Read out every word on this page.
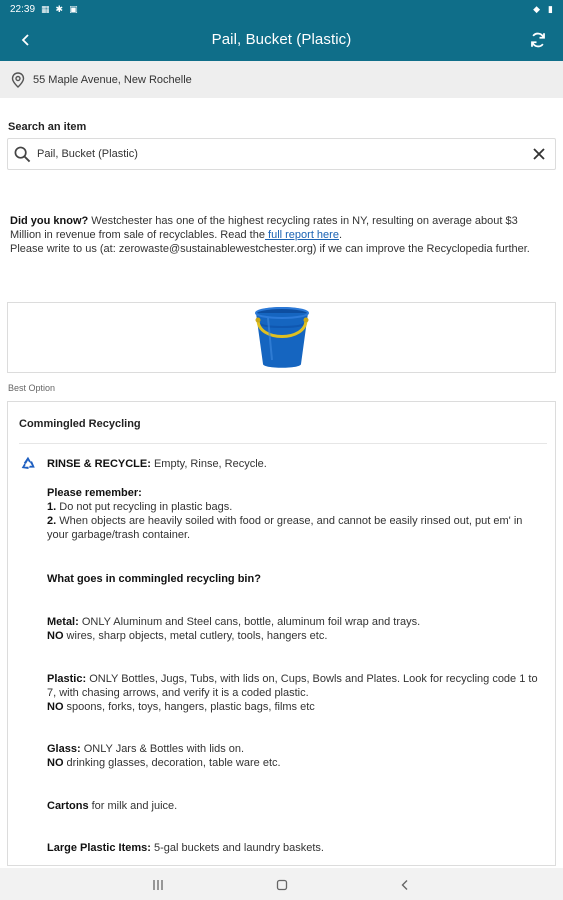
22:39 ▦ ✱ ▣	◆ ▮
Pail, Bucket (Plastic)
55 Maple Avenue, New Rochelle
Search an item
Pail, Bucket (Plastic)
Did you know? Westchester has one of the highest recycling rates in NY, resulting on average about $3 Million in revenue from sale of recyclables. Read the full report here.
Please write to us (at: zerowaste@sustainablewestchester.org) if we can improve the Recyclopedia further.
Best Option
Commingled Recycling
RINSE & RECYCLE: Empty, Rinse, Recycle.
Please remember:
1. Do not put recycling in plastic bags.
2. When objects are heavily soiled with food or grease, and cannot be easily rinsed out, put em' in your garbage/trash container.
What goes in commingled recycling bin?
Metal: ONLY Aluminum and Steel cans, bottle, aluminum foil wrap and trays.
NO wires, sharp objects, metal cutlery, tools, hangers etc.
Plastic: ONLY Bottles, Jugs, Tubs, with lids on, Cups, Bowls and Plates. Look for recycling code 1 to 7, with chasing arrows, and verify it is a coded plastic.
NO spoons, forks, toys, hangers, plastic bags, films etc
Glass: ONLY Jars & Bottles with lids on.
NO drinking glasses, decoration, table ware etc.
Cartons for milk and juice.
Large Plastic Items: 5-gal buckets and laundry baskets.
